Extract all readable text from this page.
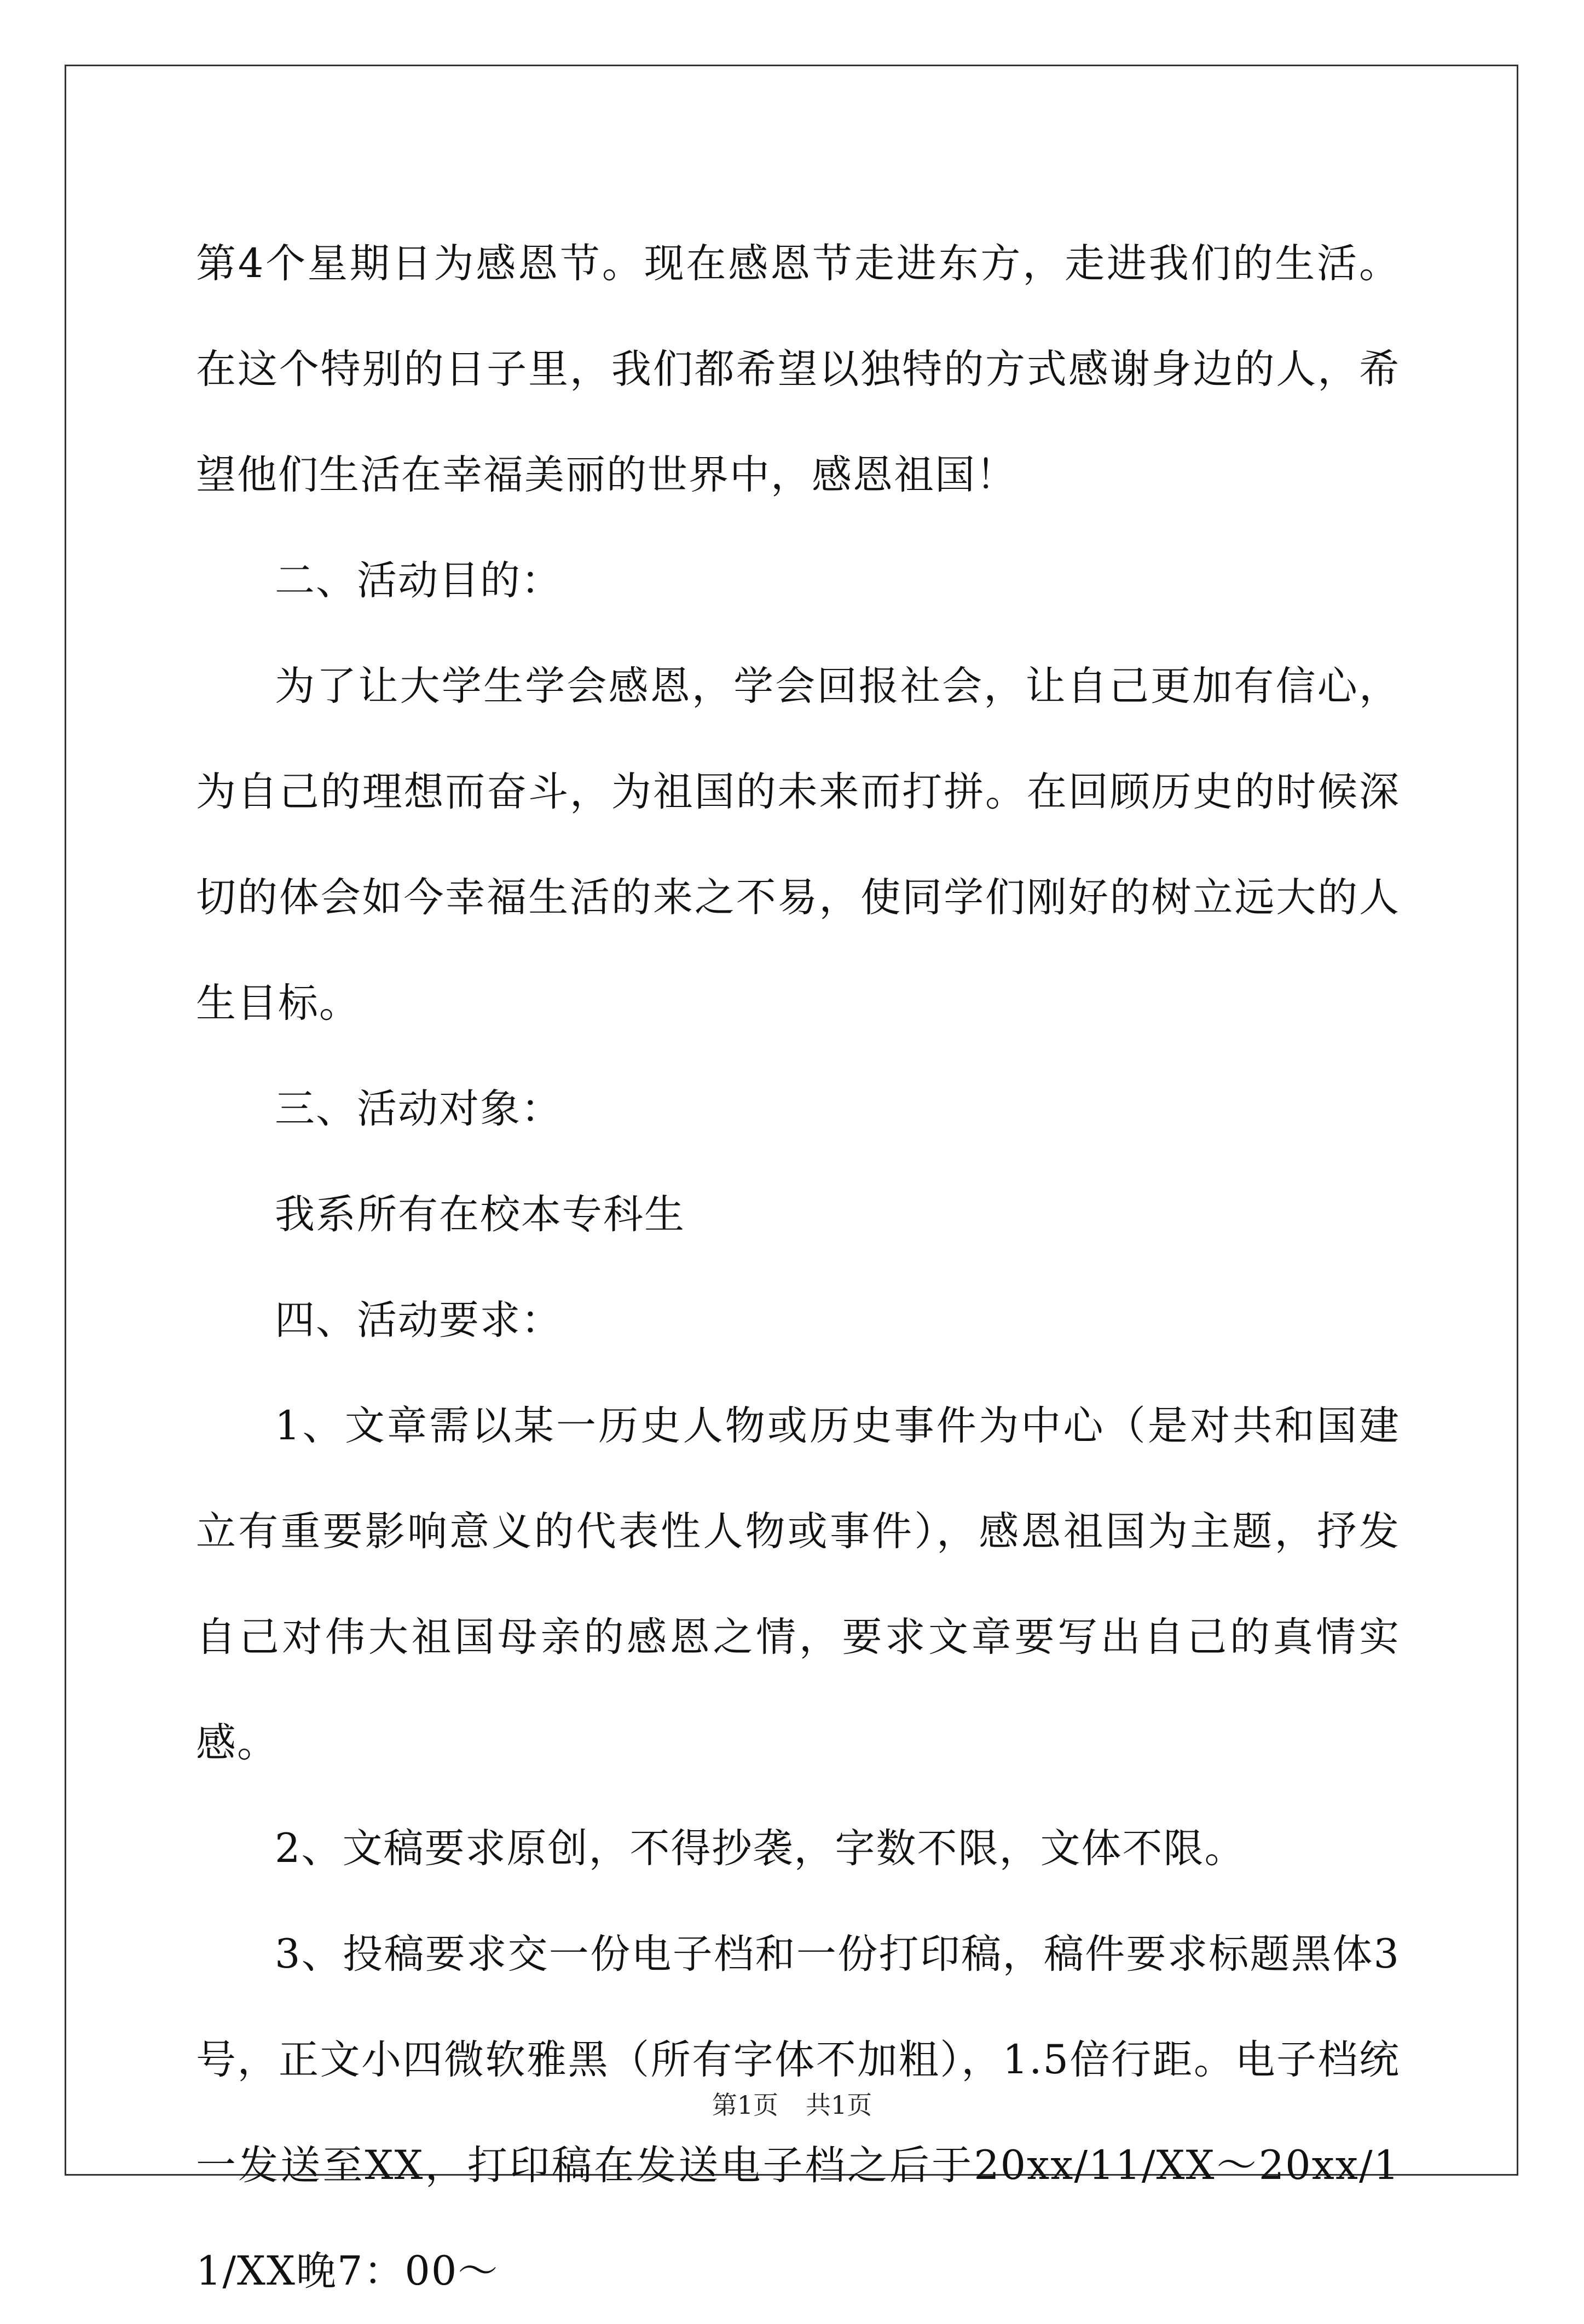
第4个星期日为感恩节。现在感恩节走进东方，走进我们的生活。在这个特别的日子里，我们都希望以独特的方式感谢身边的人，希望他们生活在幸福美丽的世界中，感恩祖国！

二、活动目的：

为了让大学生学会感恩，学会回报社会，让自己更加有信心，为自己的理想而奋斗，为祖国的未来而打拼。在回顾历史的时候深切的体会如今幸福生活的来之不易，使同学们刚好的树立远大的人生目标。

三、活动对象：

我系所有在校本专科生

四、活动要求：

1、文章需以某一历史人物或历史事件为中心（是对共和国建立有重要影响意义的代表性人物或事件），感恩祖国为主题，抒发自己对伟大祖国母亲的感恩之情，要求文章要写出自己的真情实感。

2、文稿要求原创，不得抄袭，字数不限，文体不限。

3、投稿要求交一份电子档和一份打印稿，稿件要求标题黑体3号，正文小四微软雅黑（所有字体不加粗），1.5倍行距。电子档统一发送至XX，打印稿在发送电子档之后于20xx/11/XX～20xx/11/XX晚7：00～

第1页 共1页
